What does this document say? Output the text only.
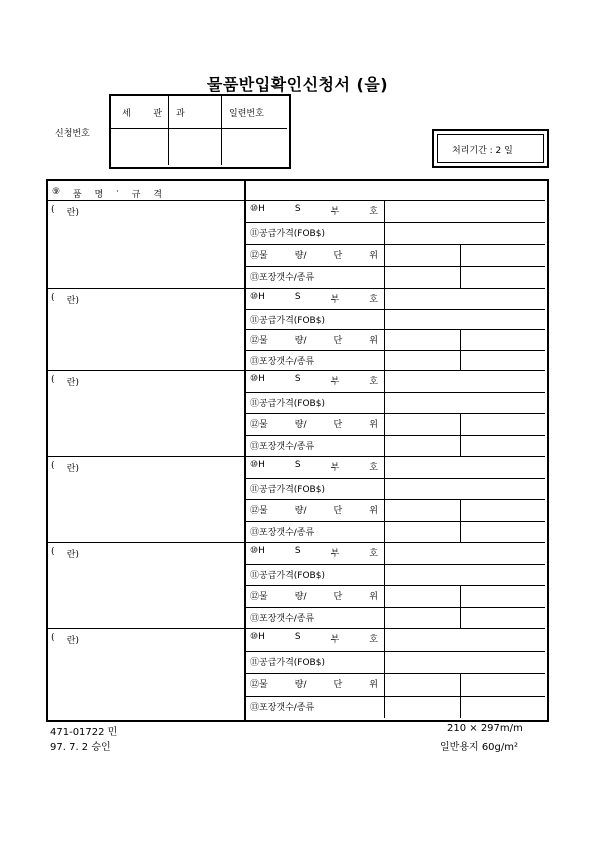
물품반입확인신청서 (을)
신청번호
세	관 과	일련번호
처리기간 : 2 일
⑨ 품 명 · 규 격
( 란)	⑩H	S	부	호
⑪공급가격(FOB$)
⑫물	량/	단	위
⑬포장갯수/종류
( 란)	⑩H	S	부	호
⑪공급가격(FOB$)
⑫물	량/	단	위
⑬포장갯수/종류
( 란)	⑩H	S	부	호
⑪공급가격(FOB$)
⑫물	량/	단	위
⑬포장갯수/종류
( 란)	⑩H	S	부	호
⑪공급가격(FOB$)
⑫물	량/	단	위
⑬포장갯수/종류
( 란)	⑩H	S	부	호
⑪공급가격(FOB$)
⑫물	량/	단	위
⑬포장갯수/종류
( 란)	⑩H	S	부	호
⑪공급가격(FOB$)
⑫물	량/	단	위
⑬포장갯수/종류
471-01722 민
97. 7. 2 승인
210 × 297m/m
일반용지 60g/m²
